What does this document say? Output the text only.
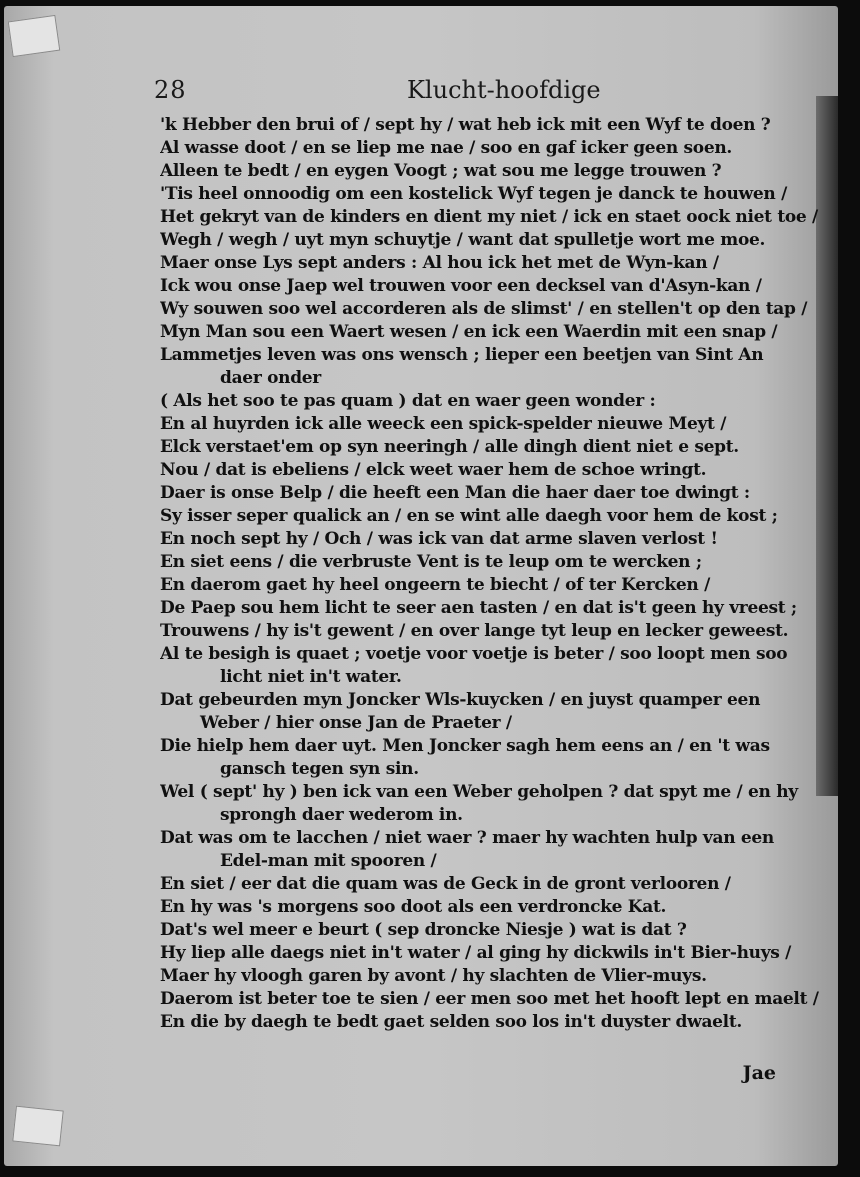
28	Klucht-hoofdige
'k Hebber den brui of / sept hy / wat heb ick mit een Wyf te doen ?
Al wasse doot / en se liep me nae / soo en gaf icker geen soen.
Alleen te bedt / en eygen Voogt ; wat sou me legge trouwen ?
'Tis heel onnoodig om een kostelick Wyf tegen je danck te houwen /
Het gekryt van de kinders en dient my niet / ick en staet oock niet toe /
Wegh / wegh / uyt myn schuytje / want dat spulletje wort me moe.
Maer onse Lys sept anders : Al hou ick het met de Wyn-kan /
Ick wou onse Jaep wel trouwen voor een decksel van d'Asyn-kan /
Wy souwen soo wel accorderen als de slimst' / en stellen't op den tap /
Myn Man sou een Waert wesen / en ick een Waerdin mit een snap /
Lammetjes leven was ons wensch ; lieper een beetjen van Sint An
daer onder
( Als het soo te pas quam ) dat en waer geen wonder :
En al huyrden ick alle weeck een spick-spelder nieuwe Meyt /
Elck verstaet'em op syn neeringh / alle dingh dient niet e sept.
Nou / dat is ebeliens / elck weet waer hem de schoe wringt.
Daer is onse Belp / die heeft een Man die haer daer toe dwingt :
Sy isser seper qualick an / en se wint alle daegh voor hem de kost ;
En noch sept hy / Och / was ick van dat arme slaven verlost !
En siet eens / die verbruste Vent is te leup om te wercken ;
En daerom gaet hy heel ongeern te biecht / of ter Kercken /
De Paep sou hem licht te seer aen tasten / en dat is't geen hy vreest ;
Trouwens / hy is't gewent / en over lange tyt leup en lecker geweest.
Al te besigh is quaet ; voetje voor voetje is beter / soo loopt men soo
licht niet in't water.
Dat gebeurden myn Joncker Wls-kuycken / en juyst quamper een
Weber / hier onse Jan de Praeter /
Die hielp hem daer uyt. Men Joncker sagh hem eens an / en 't was
gansch tegen syn sin.
Wel ( sept' hy ) ben ick van een Weber geholpen ? dat spyt me / en hy
sprongh daer wederom in.
Dat was om te lacchen / niet waer ? maer hy wachten hulp van een
Edel-man mit spooren /
En siet / eer dat die quam was de Geck in de gront verlooren /
En hy was 's morgens soo doot als een verdroncke Kat.
Dat's wel meer e beurt ( sep droncke Niesje ) wat is dat ?
Hy liep alle daegs niet in't water / al ging hy dickwils in't Bier-huys /
Maer hy vloogh garen by avont / hy slachten de Vlier-muys.
Daerom ist beter toe te sien / eer men soo met het hooft lept en maelt /
En die by daegh te bedt gaet selden soo los in't duyster dwaelt.
Jae
